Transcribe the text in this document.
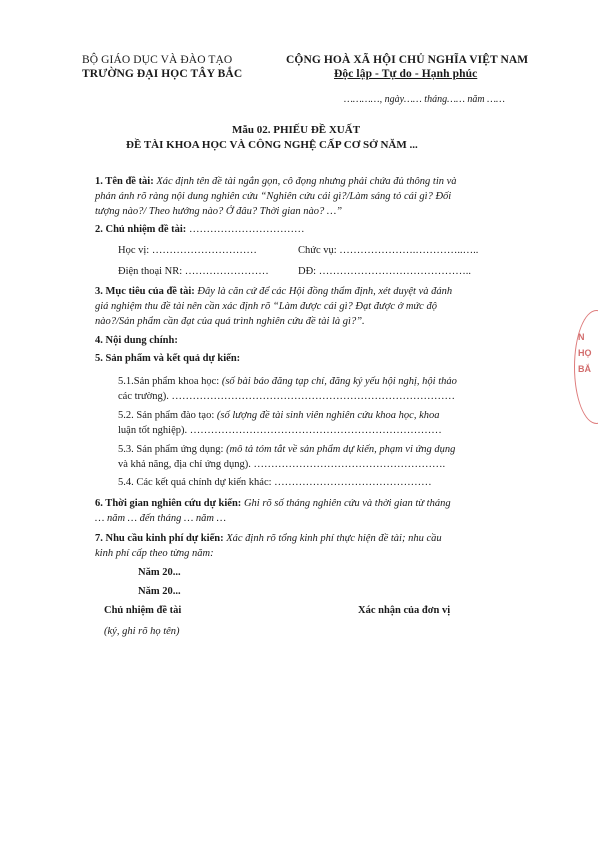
BỘ GIÁO DỤC VÀ ĐÀO TẠO
TRƯỜNG ĐẠI HỌC TÂY BẮC
CỘNG HOÀ XÃ HỘI CHỦ NGHĨA VIỆT NAM
Độc lập - Tự do - Hạnh phúc
…………, ngày…… tháng…… năm ……
Mẫu 02. PHIẾU ĐỀ XUẤT
ĐỀ TÀI KHOA HỌC VÀ CÔNG NGHỆ CẤP CƠ SỞ NĂM ...
1. Tên đề tài: Xác định tên đề tài ngắn gọn, cô đọng nhưng phải chứa đủ thông tin và
phản ánh rõ ràng nội dung nghiên cứu “Nghiên cứu cái gì?/Làm sáng tỏ cái gì? Đối
tượng nào?/ Theo hướng nào? Ở đâu? Thời gian nào? …”
2. Chủ nhiệm đề tài: ……………………………
Học vị: …………………………	Chức vụ: ………………….…………..…..
Điện thoại NR: ……………………	DĐ: ……………………………………..
3. Mục tiêu của đề tài: Đây là căn cứ để các Hội đồng thẩm định, xét duyệt và đánh
giá nghiệm thu đề tài nên cần xác định rõ “Làm được cái gì? Đạt được ở mức độ
nào?/Sản phẩm cần đạt của quá trình nghiên cứu đề tài là gì?”.
4. Nội dung chính:
5. Sản phẩm và kết quả dự kiến:
5.1.Sản phẩm khoa học: (số bài báo đăng tạp chí, đăng ký yếu hội nghị, hội thảo
các trường). ………………………………………………………………………
5.2. Sản phẩm đào tạo: (số lượng đề tài sinh viên nghiên cứu khoa học, khoa
luận tốt nghiệp). ………………………………………………………………
5.3. Sản phẩm ứng dụng: (mô tả tóm tắt về sản phẩm dự kiến, phạm vi ứng dụng
và khả năng, địa chỉ ứng dụng). ……………………………………………….
5.4. Các kết quả chính dự kiến khác: ………………………………………
6. Thời gian nghiên cứu dự kiến: Ghi rõ số tháng nghiên cứu và thời gian từ tháng
… năm … đến tháng … năm …
7. Nhu cầu kinh phí dự kiến: Xác định rõ tổng kinh phí thực hiện đề tài; nhu cầu
kinh phí cấp theo từng năm:
Năm 20...
Năm 20...
Chủ nhiệm đề tài
(ký, ghi rõ họ tên)
Xác nhận của đơn vị
N
HỌ
BẮ
